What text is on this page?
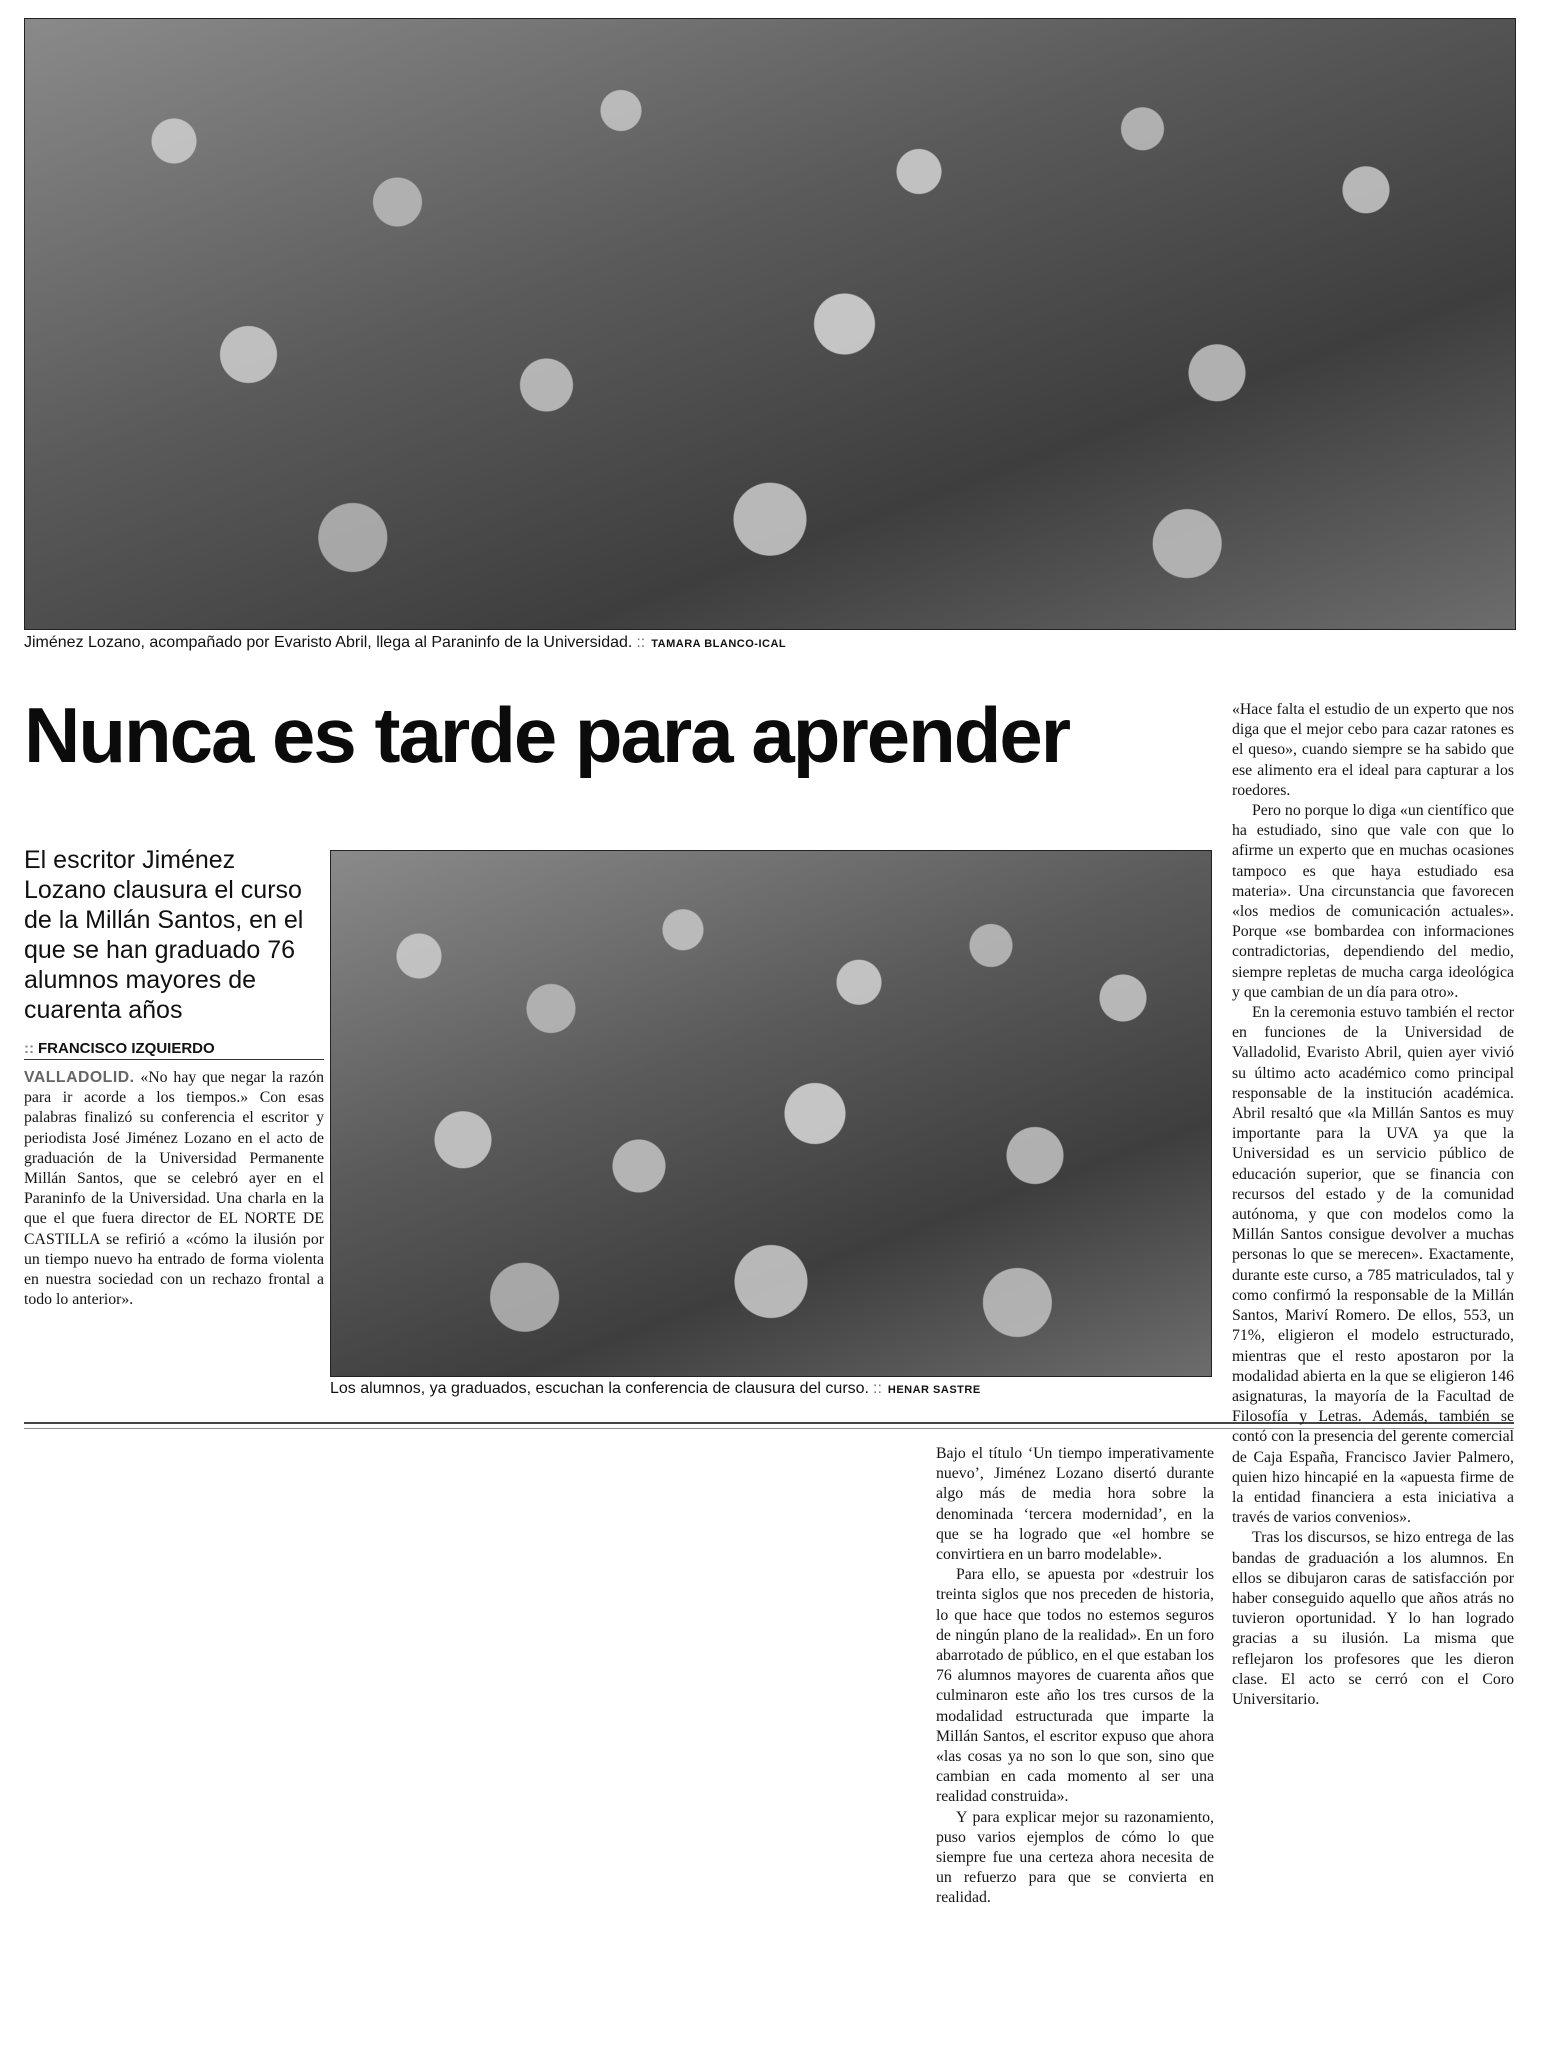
Jiménez Lozano, acompañado por Evaristo Abril, llega al Paraninfo de la Universidad. :: TAMARA BLANCO-ICAL
Nunca es tarde para aprender
El escritor Jiménez Lozano clausura el curso de la Millán Santos, en el que se han graduado 76 alumnos mayores de cuarenta años
:: FRANCISCO IZQUIERDO

VALLADOLID. «No hay que negar la razón para ir acorde a los tiempos.» Con esas palabras finalizó su conferencia el escritor y periodista José Jiménez Lozano en el acto de graduación de la Universidad Permanente Millán Santos, que se celebró ayer en el Paraninfo de la Universidad. Una charla en la que el que fuera director de EL NORTE DE CASTILLA se refirió a «cómo la ilusión por un tiempo nuevo ha entrado de forma violenta en nuestra sociedad con un rechazo frontal a todo lo anterior».

Los alumnos, ya graduados, escuchan la conferencia de clausura del curso. :: HENAR SASTRE

Bajo el título ‘Un tiempo imperativamente nuevo’, Jiménez Lozano disertó durante algo más de media hora sobre la denominada ‘tercera modernidad’, en la que se ha logrado que «el hombre se convirtiera en un barro modelable».

Para ello, se apuesta por «destruir los treinta siglos que nos preceden de historia, lo que hace que todos no estemos seguros de ningún plano de la realidad». En un foro abarrotado de público, en el que estaban los 76 alumnos mayores de cuarenta años que culminaron este año los tres cursos de la modalidad estructurada que imparte la Millán Santos, el escritor expuso que ahora «las cosas ya no son lo que son, sino que cambian en cada momento al ser una realidad construida».

Y para explicar mejor su razonamiento, puso varios ejemplos de cómo lo que siempre fue una certeza ahora necesita de un refuerzo para que se convierta en realidad.

«Hace falta el estudio de un experto que nos diga que el mejor cebo para cazar ratones es el queso», cuando siempre se ha sabido que ese alimento era el ideal para capturar a los roedores.

Pero no porque lo diga «un científico que ha estudiado, sino que vale con que lo afirme un experto que en muchas ocasiones tampoco es que haya estudiado esa materia». Una circunstancia que favorecen «los medios de comunicación actuales». Porque «se bombardea con informaciones contradictorias, dependiendo del medio, siempre repletas de mucha carga ideológica y que cambian de un día para otro».

En la ceremonia estuvo también el rector en funciones de la Universidad de Valladolid, Evaristo Abril, quien ayer vivió su último acto académico como principal responsable de la institución académica. Abril resaltó que «la Millán Santos es muy importante para la UVA ya que la Universidad es un servicio público de educación superior, que se financia con recursos del estado y de la comunidad autónoma, y que con modelos como la Millán Santos consigue devolver a muchas personas lo que se merecen». Exactamente, durante este curso, a 785 matriculados, tal y como confirmó la responsable de la Millán Santos, Mariví Romero. De ellos, 553, un 71%, eligieron el modelo estructurado, mientras que el resto apostaron por la modalidad abierta en la que se eligieron 146 asignaturas, la mayoría de la Facultad de Filosofía y Letras. Además, también se contó con la presencia del gerente comercial de Caja España, Francisco Javier Palmero, quien hizo hincapié en la «apuesta firme de la entidad financiera a esta iniciativa a través de varios convenios».

Tras los discursos, se hizo entrega de las bandas de graduación a los alumnos. En ellos se dibujaron caras de satisfacción por haber conseguido aquello que años atrás no tuvieron oportunidad. Y lo han logrado gracias a su ilusión. La misma que reflejaron los profesores que les dieron clase. El acto se cerró con el Coro Universitario.
